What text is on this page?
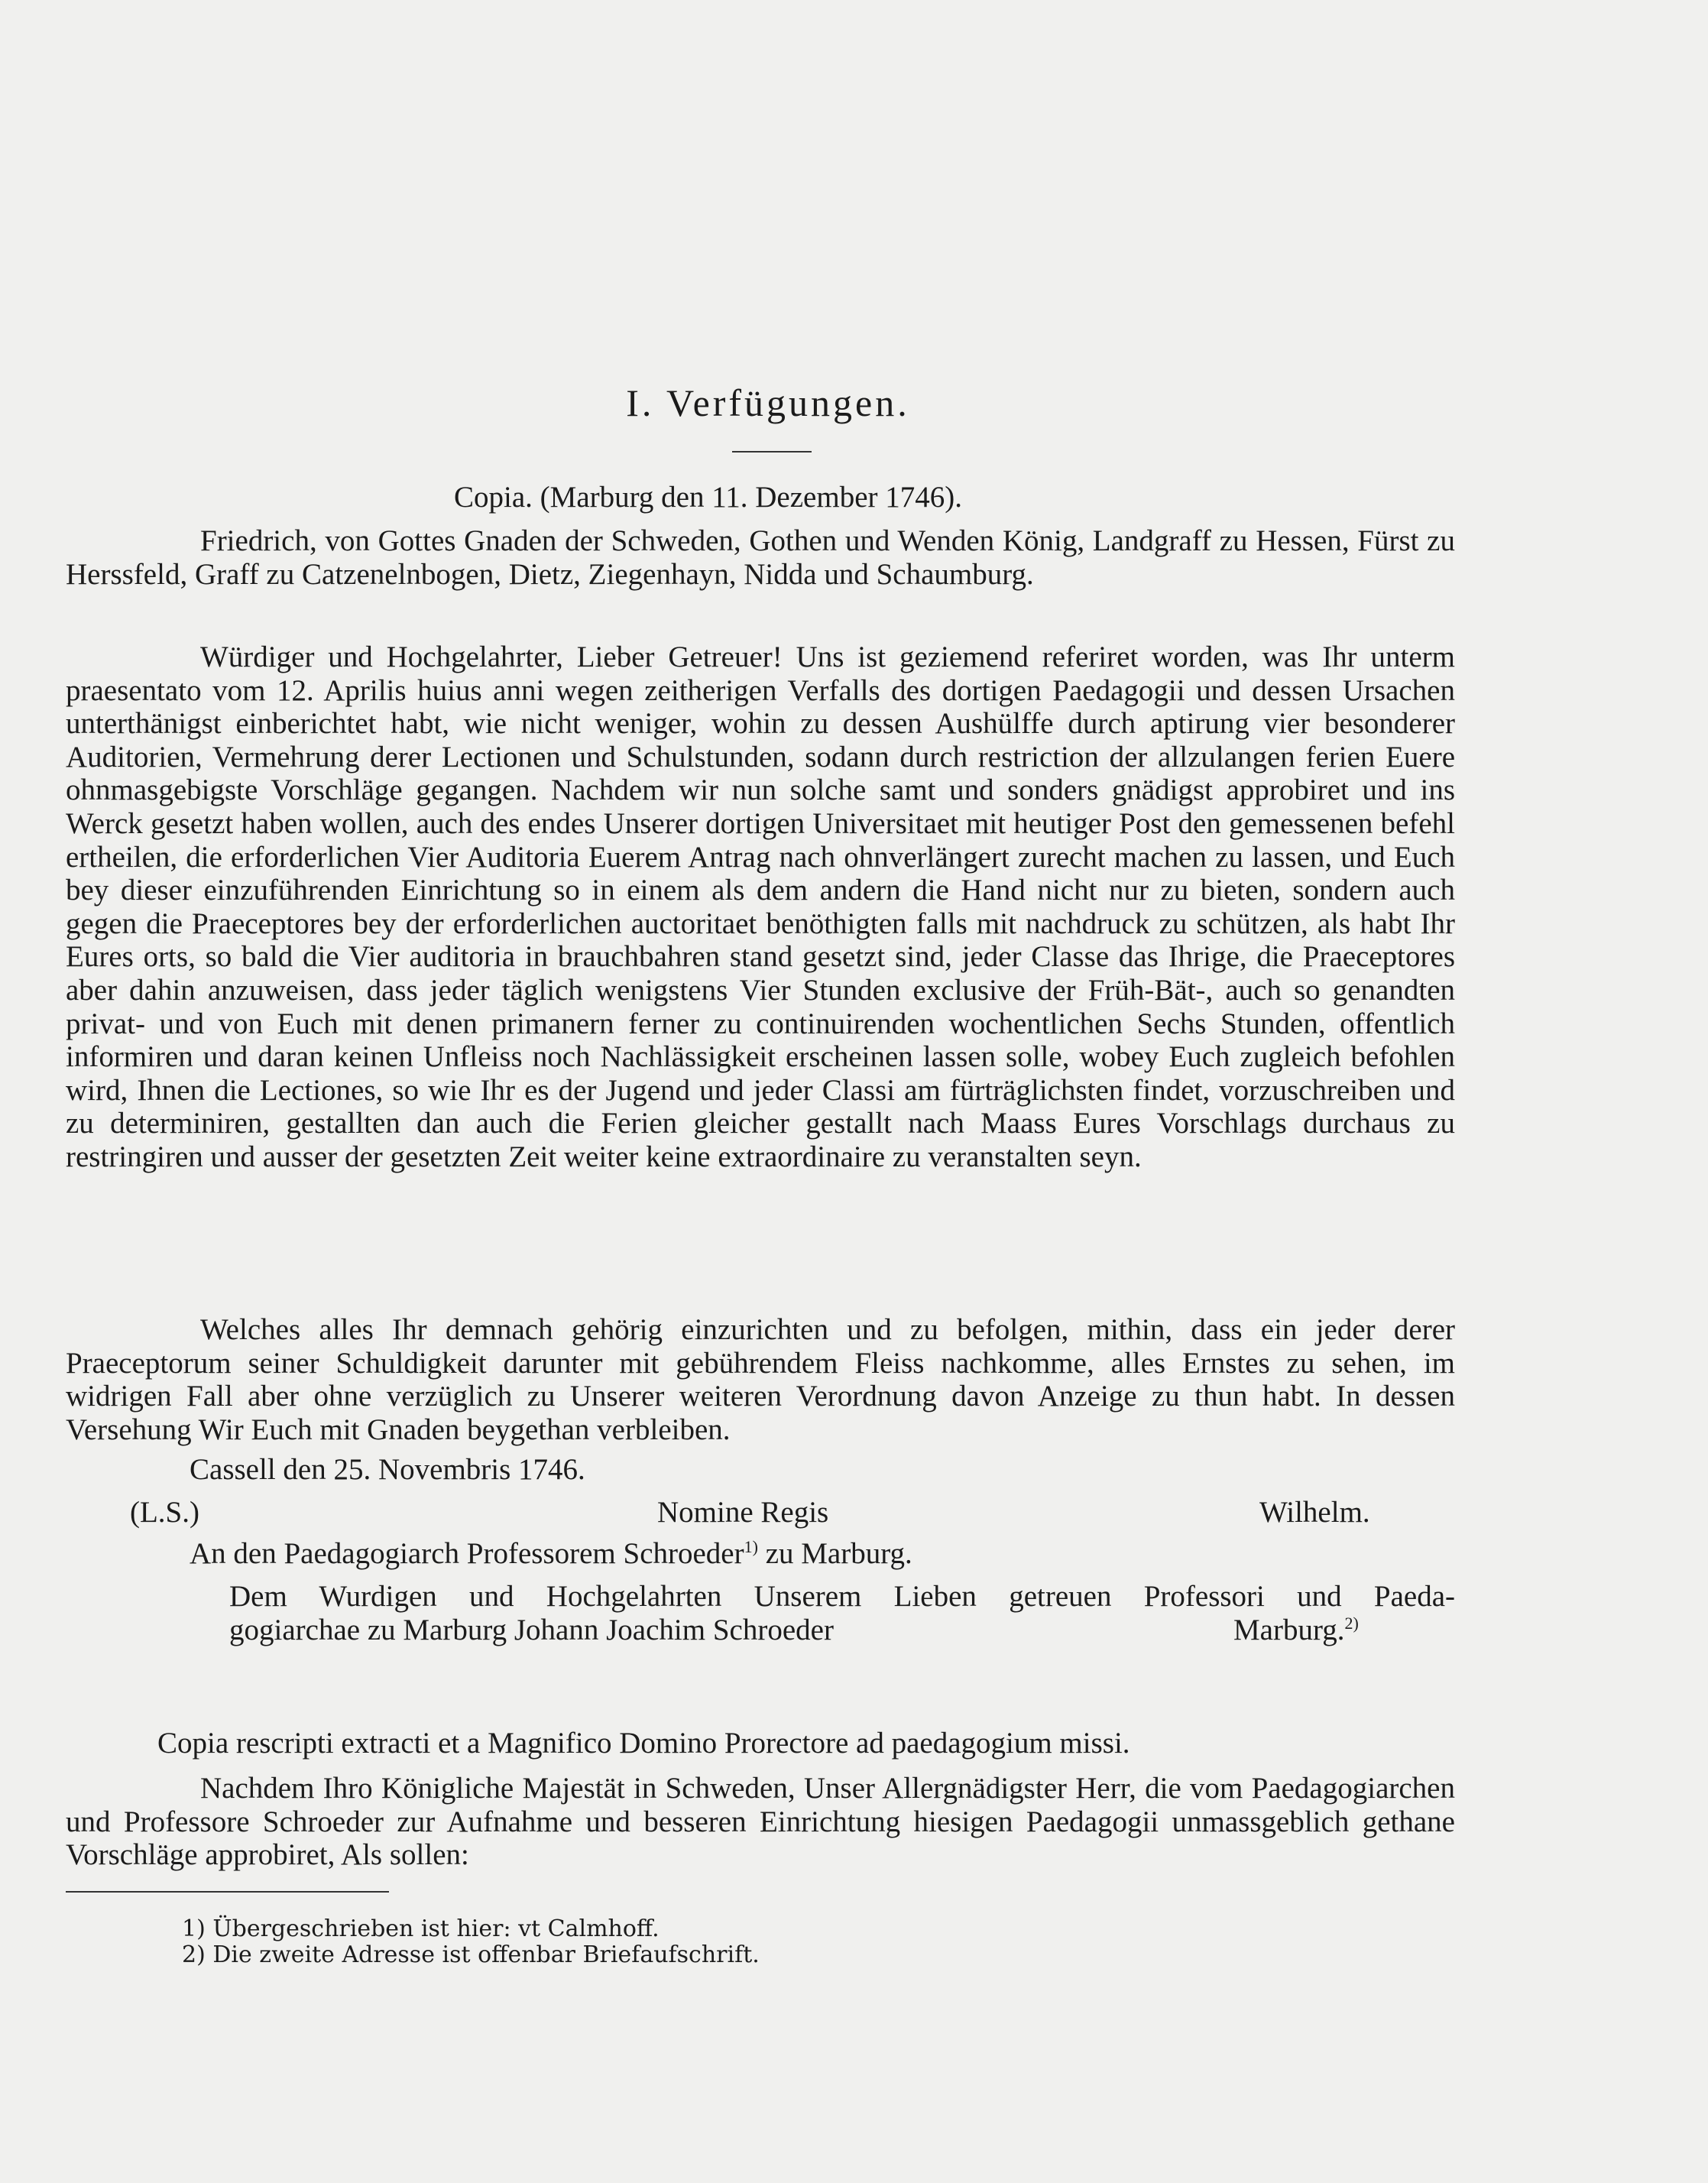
I. Verfügungen.
Copia. (Marburg den 11. Dezember 1746).
Friedrich, von Gottes Gnaden der Schweden, Gothen und Wenden König, Landgraff zu Hessen, Fürst zu Herssfeld, Graff zu Catzenelnbogen, Dietz, Ziegenhayn, Nidda und Schaumburg.
Würdiger und Hochgelahrter, Lieber Getreuer! Uns ist geziemend referiret worden, was Ihr unterm praesentato vom 12. Aprilis huius anni wegen zeitherigen Verfalls des dortigen Paedagogii und dessen Ursachen unterthänigst einberichtet habt, wie nicht weniger, wohin zu dessen Aushülffe durch aptirung vier besonderer Auditorien, Vermehrung derer Lectionen und Schulstunden, sodann durch restriction der allzulangen ferien Euere ohnmasgebigste Vorschläge gegangen. Nachdem wir nun solche samt und sonders gnädigst approbiret und ins Werck gesetzt haben wollen, auch des endes Unserer dortigen Universitaet mit heutiger Post den gemessenen befehl ertheilen, die erforderlichen Vier Auditoria Euerem Antrag nach ohnverlängert zurecht machen zu lassen, und Euch bey dieser einzuführenden Einrichtung so in einem als dem andern die Hand nicht nur zu bieten, sondern auch gegen die Praeceptores bey der erforderlichen auctoritaet benöthigten falls mit nachdruck zu schützen, als habt Ihr Eures orts, so bald die Vier auditoria in brauchbahren stand gesetzt sind, jeder Classe das Ihrige, die Praeceptores aber dahin anzuweisen, dass jeder täglich wenigstens Vier Stunden exclusive der Früh-Bät-, auch so genandten privat- und von Euch mit denen primanern ferner zu continuirenden wochentlichen Sechs Stunden, offentlich informiren und daran keinen Unfleiss noch Nachlässigkeit erscheinen lassen solle, wobey Euch zugleich befohlen wird, Ihnen die Lectiones, so wie Ihr es der Jugend und jeder Classi am fürträglichsten findet, vorzuschreiben und zu determiniren, gestallten dan auch die Ferien gleicher gestallt nach Maass Eures Vorschlags durchaus zu restringiren und ausser der gesetzten Zeit weiter keine extraordinaire zu veranstalten seyn.
Welches alles Ihr demnach gehörig einzurichten und zu befolgen, mithin, dass ein jeder derer Praeceptorum seiner Schuldigkeit darunter mit gebührendem Fleiss nachkomme, alles Ernstes zu sehen, im widrigen Fall aber ohne verzüglich zu Unserer weiteren Verordnung davon Anzeige zu thun habt. In dessen Versehung Wir Euch mit Gnaden beygethan verbleiben.
Cassell den 25. Novembris 1746.
(L.S.)	Nomine Regis	Wilhelm.
An den Paedagogiarch Professorem Schroeder$^{1)}$ zu Marburg.
Dem Wurdigen und Hochgelahrten Unserem Lieben getreuen Professori und Paeda-
gogiarchae zu Marburg Johann Joachim Schroeder	Marburg.$^{2)}$
Copia rescripti extracti et a Magnifico Domino Prorectore ad paedagogium missi.
Nachdem Ihro Königliche Majestät in Schweden, Unser Allergnädigster Herr, die vom Paedagogiarchen und Professore Schroeder zur Aufnahme und besseren Einrichtung hiesigen Paedagogii unmassgeblich gethane Vorschläge approbiret, Als sollen:
1) Übergeschrieben ist hier: vt Calmhoff.
2) Die zweite Adresse ist offenbar Briefaufschrift.
